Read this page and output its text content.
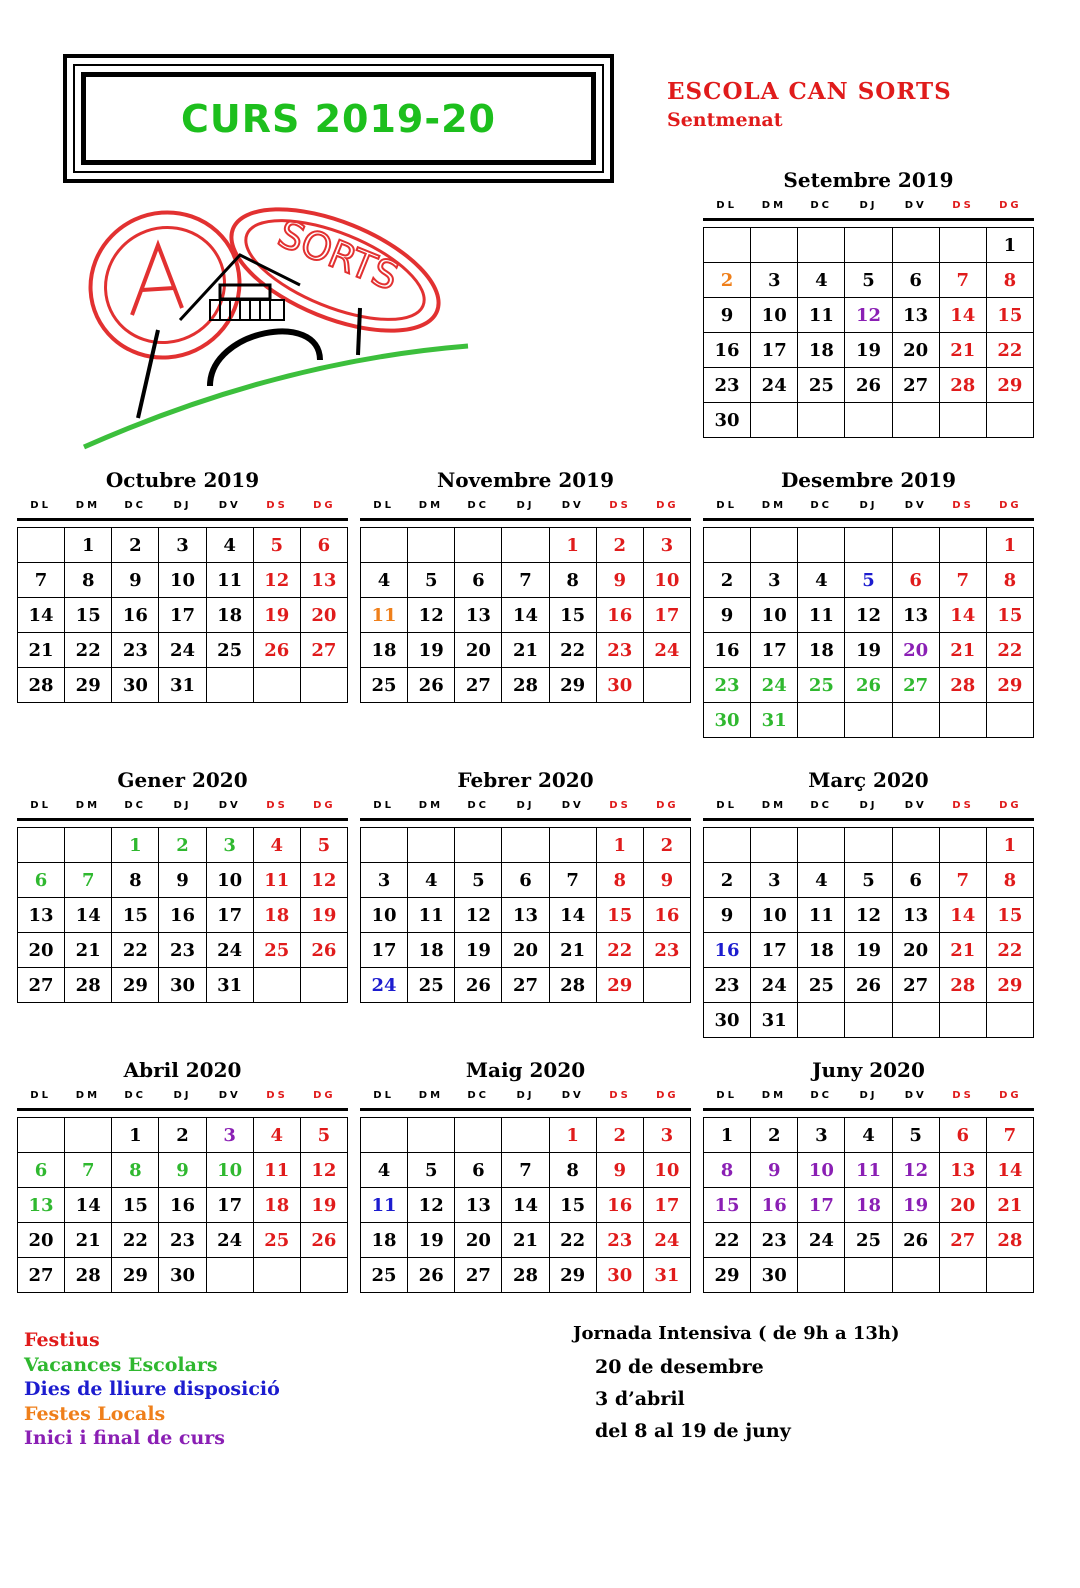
CURS 2019-20
ESCOLA CAN SORTS
Sentmenat
SORTS
Setembre 2019
DL	DM	DC	DJ	DV	DS	DG
						1
2	3	4	5	6	7	8
9	10	11	12	13	14	15
16	17	18	19	20	21	22
23	24	25	26	27	28	29
30						
Octubre 2019
DL	DM	DC	DJ	DV	DS	DG
	1	2	3	4	5	6
7	8	9	10	11	12	13
14	15	16	17	18	19	20
21	22	23	24	25	26	27
28	29	30	31			
Novembre 2019
DL	DM	DC	DJ	DV	DS	DG
				1	2	3
4	5	6	7	8	9	10
11	12	13	14	15	16	17
18	19	20	21	22	23	24
25	26	27	28	29	30	
Desembre 2019
DL	DM	DC	DJ	DV	DS	DG
						1
2	3	4	5	6	7	8
9	10	11	12	13	14	15
16	17	18	19	20	21	22
23	24	25	26	27	28	29
30	31					
Gener 2020
DL	DM	DC	DJ	DV	DS	DG
		1	2	3	4	5
6	7	8	9	10	11	12
13	14	15	16	17	18	19
20	21	22	23	24	25	26
27	28	29	30	31		
Febrer 2020
DL	DM	DC	DJ	DV	DS	DG
					1	2
3	4	5	6	7	8	9
10	11	12	13	14	15	16
17	18	19	20	21	22	23
24	25	26	27	28	29	
Març 2020
DL	DM	DC	DJ	DV	DS	DG
						1
2	3	4	5	6	7	8
9	10	11	12	13	14	15
16	17	18	19	20	21	22
23	24	25	26	27	28	29
30	31					
Abril 2020
DL	DM	DC	DJ	DV	DS	DG
		1	2	3	4	5
6	7	8	9	10	11	12
13	14	15	16	17	18	19
20	21	22	23	24	25	26
27	28	29	30			
Maig 2020
DL	DM	DC	DJ	DV	DS	DG
				1	2	3
4	5	6	7	8	9	10
11	12	13	14	15	16	17
18	19	20	21	22	23	24
25	26	27	28	29	30	31
Juny 2020
DL	DM	DC	DJ	DV	DS	DG
1	2	3	4	5	6	7
8	9	10	11	12	13	14
15	16	17	18	19	20	21
22	23	24	25	26	27	28
29	30					
Festius
Vacances Escolars
Dies de lliure disposició
Festes Locals
Inici i final de curs
Jornada Intensiva ( de 9h a 13h)
20 de desembre
3 d’abril
del 8 al 19 de juny
